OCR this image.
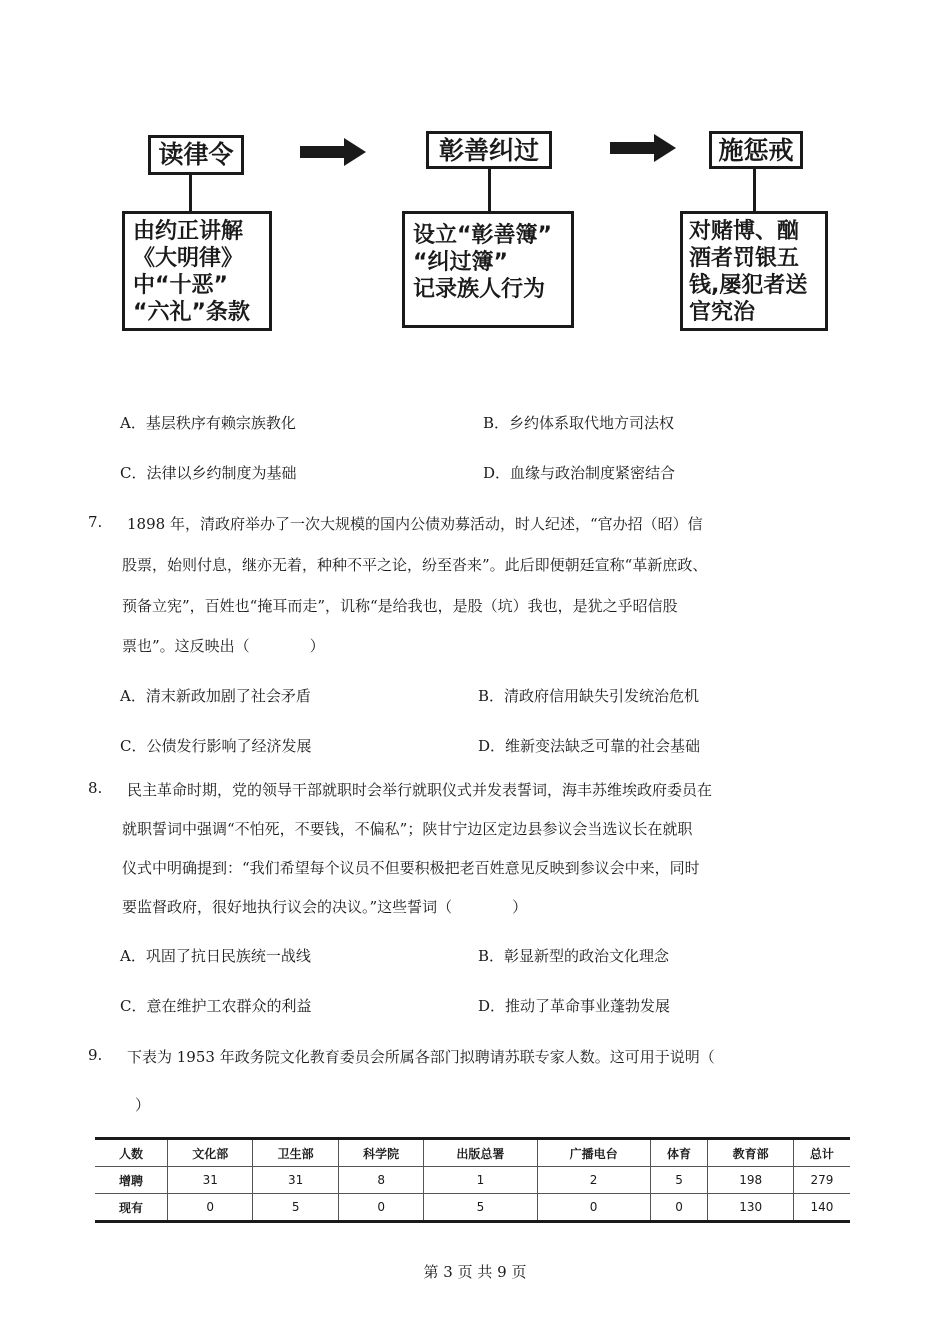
读律令
由约正讲解
《大明律》
中“十恶”
“六礼”条款
彰善纠过
设立“彰善簿”
“纠过簿”
记录族人行为
施惩戒
对赌博、酗
酒者罚银五
钱,屡犯者送
官究治
A．基层秩序有赖宗族教化	B．乡约体系取代地方司法权
C．法律以乡约制度为基础	D．血缘与政治制度紧密结合
7. 1898 年，清政府举办了一次大规模的国内公债劝募活动，时人纪述，“官办招（昭）信
股票，始则付息，继亦无着，种种不平之论，纷至沓来”。此后即便朝廷宣称“革新庶政、
预备立宪”，百姓也“掩耳而走”，讥称“是给我也，是股（坑）我也，是犹之乎昭信股
票也”。这反映出（　　　　）
A．清末新政加剧了社会矛盾	B．清政府信用缺失引发统治危机
C．公债发行影响了经济发展	D．维新变法缺乏可靠的社会基础
8. 民主革命时期，党的领导干部就职时会举行就职仪式并发表誓词，海丰苏维埃政府委员在
就职誓词中强调“不怕死，不要钱，不偏私”；陕甘宁边区定边县参议会当选议长在就职
仪式中明确提到：“我们希望每个议员不但要积极把老百姓意见反映到参议会中来，同时
要监督政府，很好地执行议会的决议。”这些誓词（　　　　）
A．巩固了抗日民族统一战线	B．彰显新型的政治文化理念
C．意在维护工农群众的利益	D．推动了革命事业蓬勃发展
9. 下表为 1953 年政务院文化教育委员会所属各部门拟聘请苏联专家人数。这可用于说明（
）
人数	文化部	卫生部	科学院	出版总署	广播电台	体育	教育部	总计
增聘	31	31	8	1	2	5	198	279
现有	0	5	0	5	0	0	130	140
第 3 页 共 9 页
